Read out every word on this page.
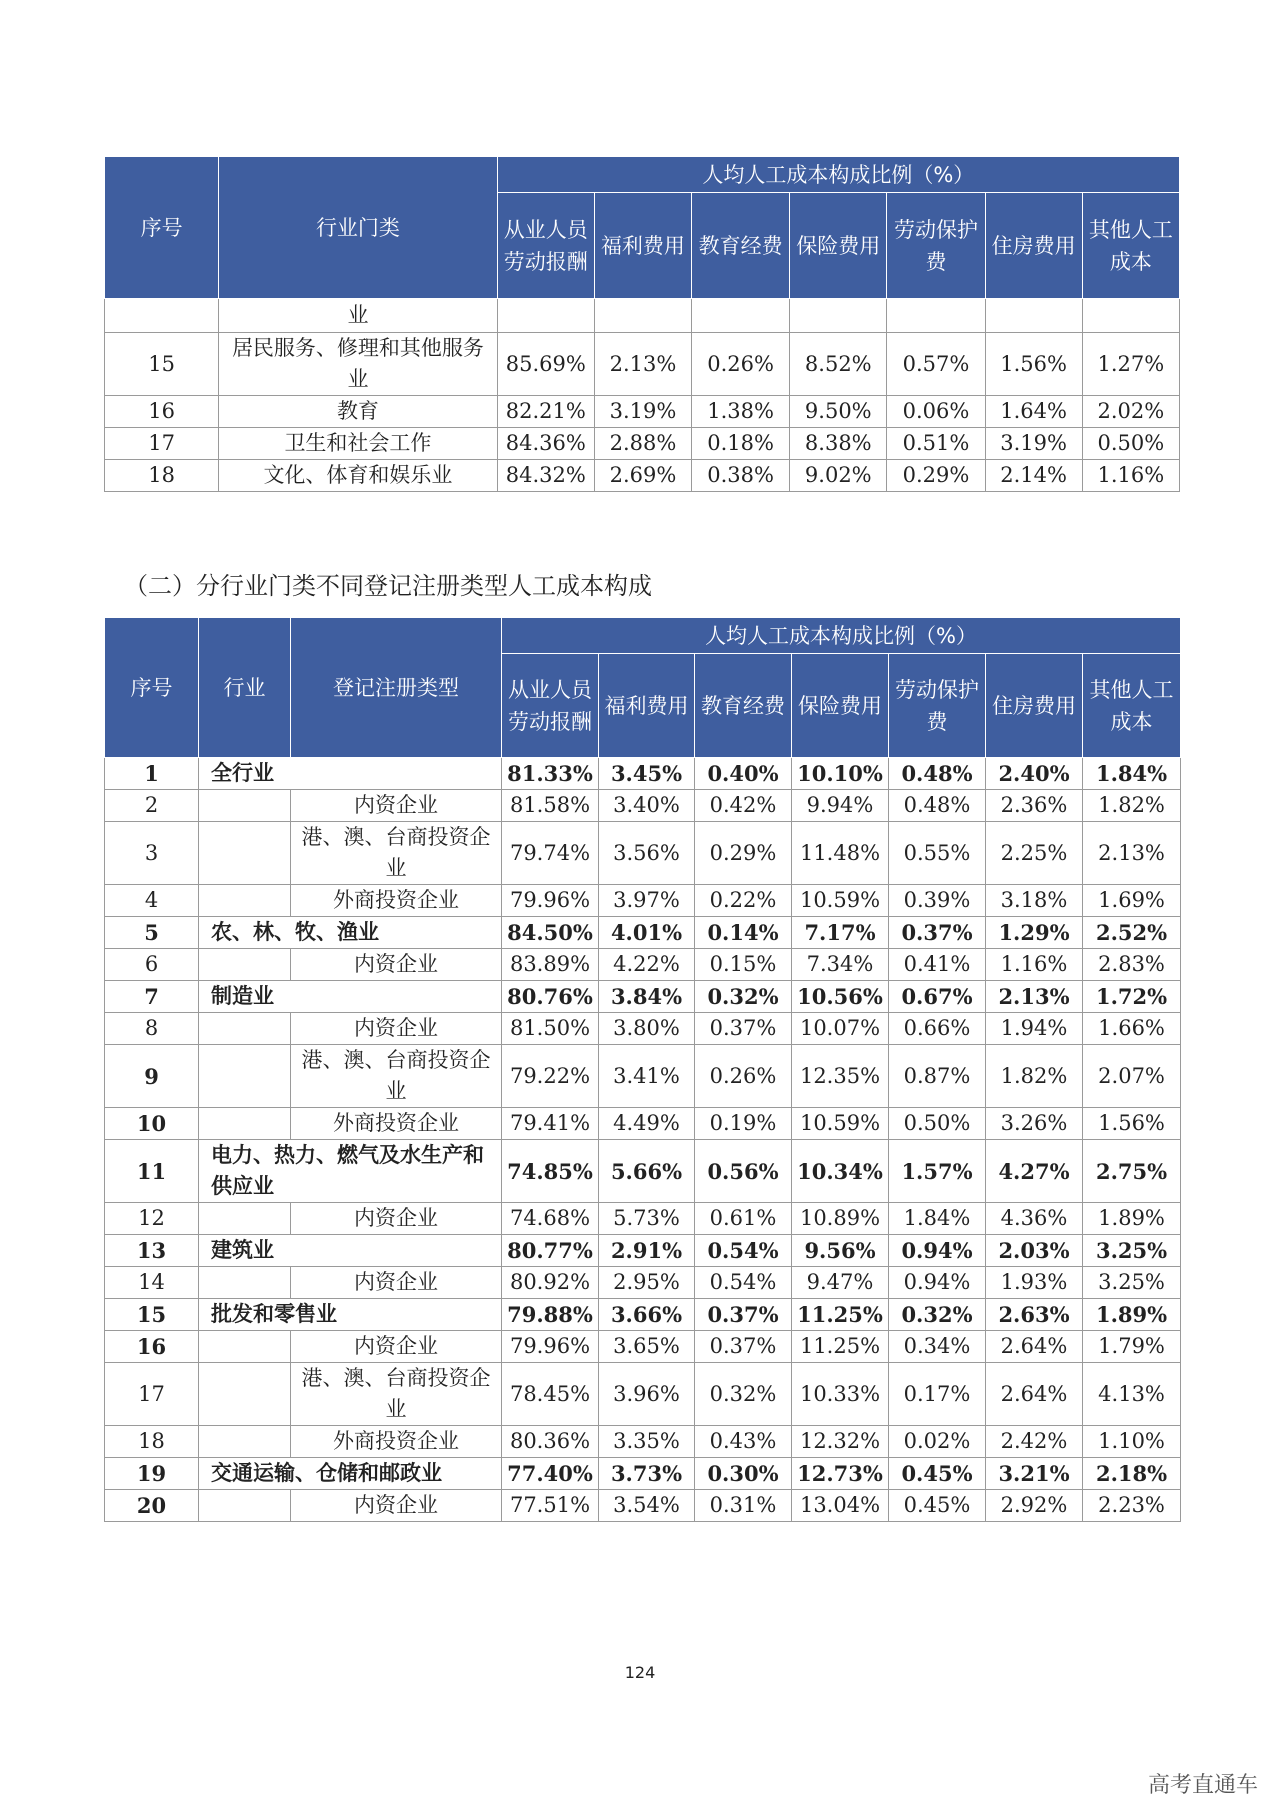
序号	行业门类	人均人工成本构成比例（%）						
		从业人员劳动报酬	福利费用	教育经费	保险费用	劳动保护费	住房费用	其他人工成本
	业							
15	居民服务、修理和其他服务业	85.69%	2.13%	0.26%	8.52%	0.57%	1.56%	1.27%
16	教育	82.21%	3.19%	1.38%	9.50%	0.06%	1.64%	2.02%
17	卫生和社会工作	84.36%	2.88%	0.18%	8.38%	0.51%	3.19%	0.50%
18	文化、体育和娱乐业	84.32%	2.69%	0.38%	9.02%	0.29%	2.14%	1.16%
（二）分行业门类不同登记注册类型人工成本构成
序号	行业	登记注册类型	人均人工成本构成比例（%）						
			从业人员劳动报酬	福利费用	教育经费	保险费用	劳动保护费	住房费用	其他人工成本
1	全行业		81.33%	3.45%	0.40%	10.10%	0.48%	2.40%	1.84%
2		内资企业	81.58%	3.40%	0.42%	9.94%	0.48%	2.36%	1.82%
3		港、澳、台商投资企业	79.74%	3.56%	0.29%	11.48%	0.55%	2.25%	2.13%
4		外商投资企业	79.96%	3.97%	0.22%	10.59%	0.39%	3.18%	1.69%
5	农、林、牧、渔业		84.50%	4.01%	0.14%	7.17%	0.37%	1.29%	2.52%
6		内资企业	83.89%	4.22%	0.15%	7.34%	0.41%	1.16%	2.83%
7	制造业		80.76%	3.84%	0.32%	10.56%	0.67%	2.13%	1.72%
8		内资企业	81.50%	3.80%	0.37%	10.07%	0.66%	1.94%	1.66%
9		港、澳、台商投资企业	79.22%	3.41%	0.26%	12.35%	0.87%	1.82%	2.07%
10		外商投资企业	79.41%	4.49%	0.19%	10.59%	0.50%	3.26%	1.56%
11	电力、热力、燃气及水生产和供应业		74.85%	5.66%	0.56%	10.34%	1.57%	4.27%	2.75%
12		内资企业	74.68%	5.73%	0.61%	10.89%	1.84%	4.36%	1.89%
13	建筑业		80.77%	2.91%	0.54%	9.56%	0.94%	2.03%	3.25%
14		内资企业	80.92%	2.95%	0.54%	9.47%	0.94%	1.93%	3.25%
15	批发和零售业		79.88%	3.66%	0.37%	11.25%	0.32%	2.63%	1.89%
16		内资企业	79.96%	3.65%	0.37%	11.25%	0.34%	2.64%	1.79%
17		港、澳、台商投资企业	78.45%	3.96%	0.32%	10.33%	0.17%	2.64%	4.13%
18		外商投资企业	80.36%	3.35%	0.43%	12.32%	0.02%	2.42%	1.10%
19	交通运输、仓储和邮政业		77.40%	3.73%	0.30%	12.73%	0.45%	3.21%	2.18%
20		内资企业	77.51%	3.54%	0.31%	13.04%	0.45%	2.92%	2.23%
124
高考直通车
